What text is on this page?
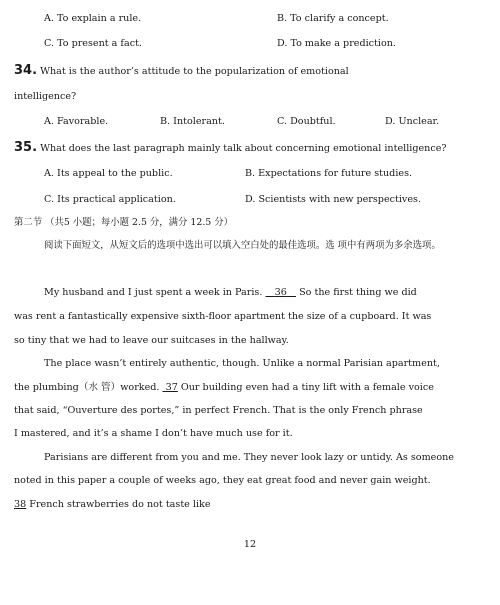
A. To explain a rule.	B. To clarify a concept.
C. To present a fact.	D. To make a prediction.
34. What is the author’s attitude to the popularization of emotional
intelligence?
A. Favorable.	B. Intolerant.	C. Doubtful.	D. Unclear.
35. What does the last paragraph mainly talk about concerning emotional intelligence?
A. Its appeal to the public.	B. Expectations for future studies.
C. Its practical application.	D. Scientists with new perspectives.
第二节 （共5 小题；每小题 2.5 分，满分 12.5 分）
阅读下面短文，从短文后的选项中选出可以填入空白处的最佳选项。选 项中有两项为多余选项。
My husband and I just spent a week in Paris. 36 So the first thing we did
was rent a fantastically expensive sixth-floor apartment the size of a cupboard. It was
so tiny that we had to leave our suitcases in the hallway.
The place wasn’t entirely authentic, though. Unlike a normal Parisian apartment,
the plumbing（水 管）worked. 37 Our building even had a tiny lift with a female voice
that said, “Ouverture des portes,” in perfect French. That is the only French phrase
I mastered, and it’s a shame I don’t have much use for it.
Parisians are different from you and me. They never look lazy or untidy. As someone
noted in this paper a couple of weeks ago, they eat great food and never gain weight.
38 French strawberries do not taste like
12
